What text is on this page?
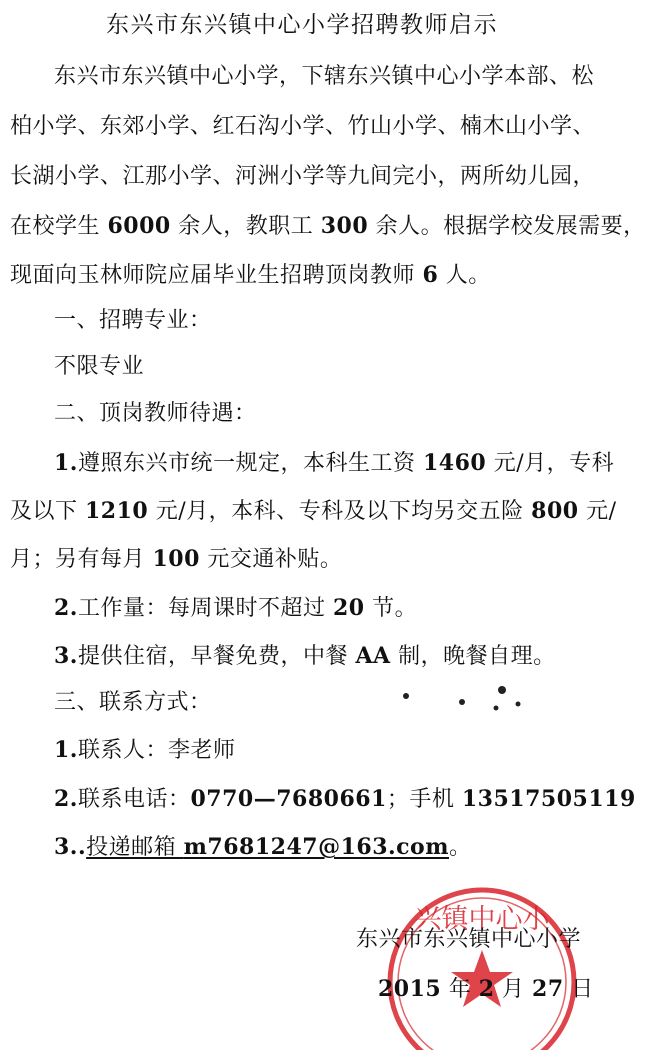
东兴市东兴镇中心小学招聘教师启示
东兴市东兴镇中心小学，下辖东兴镇中心小学本部、松
柏小学、东郊小学、红石沟小学、竹山小学、楠木山小学、
长湖小学、江那小学、河洲小学等九间完小，两所幼儿园，
在校学生 6000 余人，教职工 300 余人。根据学校发展需要，
现面向玉林师院应届毕业生招聘顶岗教师 6 人。
一、招聘专业：
不限专业
二、顶岗教师待遇：
1.遵照东兴市统一规定，本科生工资 1460 元/月，专科
及以下 1210 元/月，本科、专科及以下均另交五险 800 元/
月；另有每月 100 元交通补贴。
2.工作量：每周课时不超过 20 节。
3.提供住宿，早餐免费，中餐 AA 制，晚餐自理。
三、联系方式：
1.联系人：李老师
2.联系电话：0770—7680661；手机 13517505119
3..投递邮箱 m7681247@163.com。
兴镇中心小
东兴市东兴镇中心小学
2015 年 2 月 27 日
